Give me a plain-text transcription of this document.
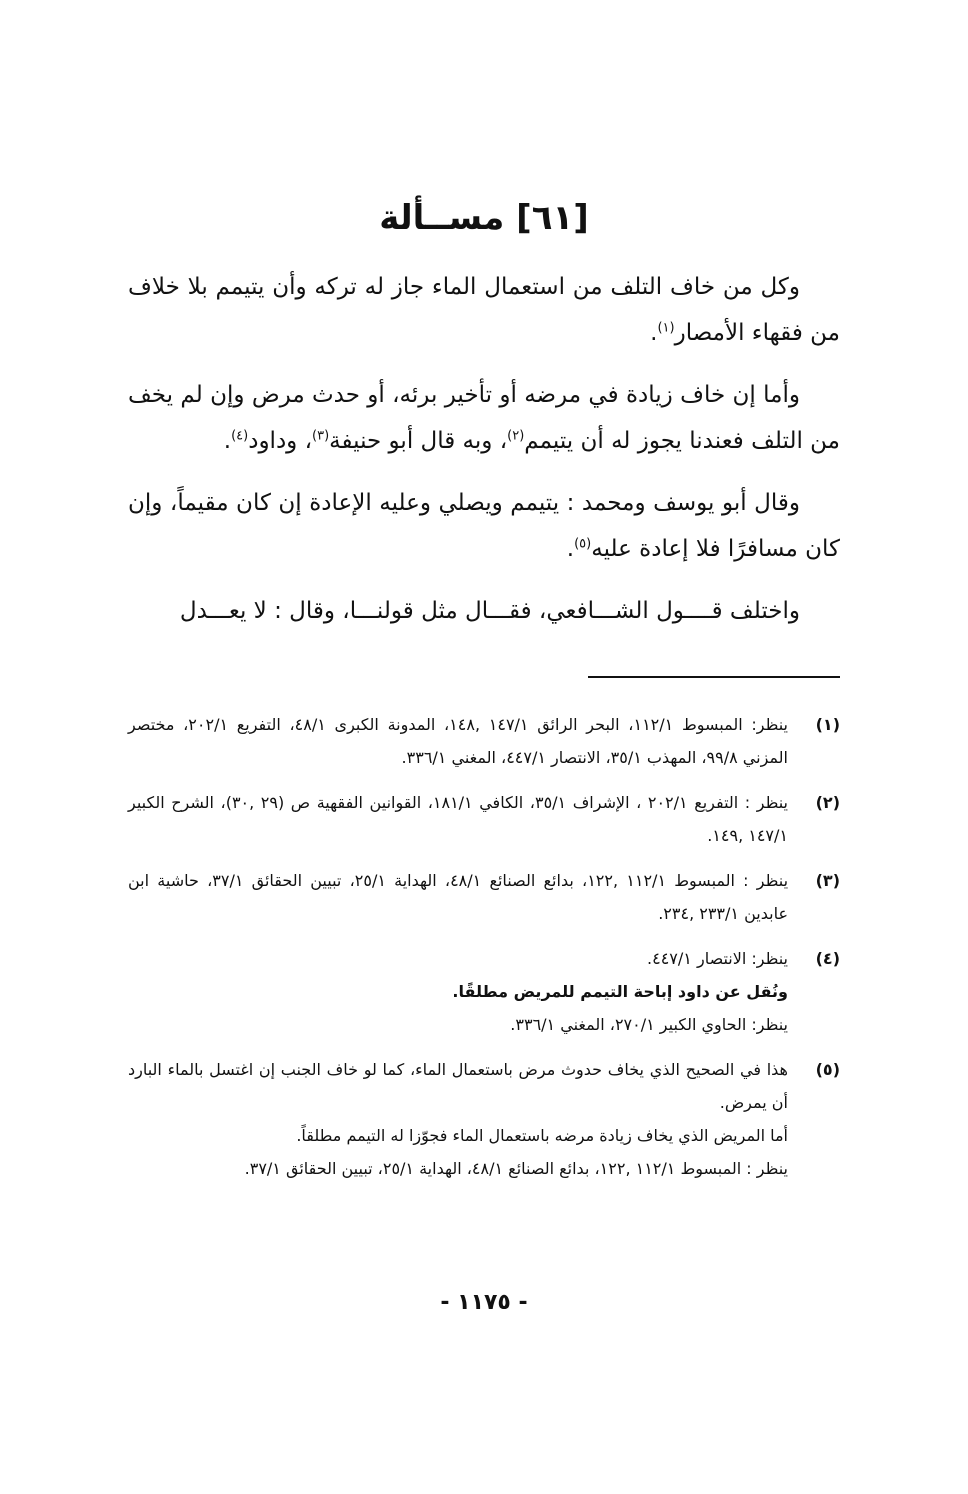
[٦١] مســألة

وكل من خاف التلف من استعمال الماء جاز له تركه وأن يتيمم بلا خلاف من فقهاء الأمصار$^{(١)}$.

وأما إن خاف زيادة في مرضه أو تأخير برئه، أو حدث مرض وإن لم يخف من التلف فعندنا يجوز له أن يتيمم$^{(٢)}$، وبه قال أبو حنيفة$^{(٣)}$، وداود$^{(٤)}$.

وقال أبو يوسف ومحمد : يتيمم ويصلي وعليه الإعادة إن كان مقيماً، وإن كان مسافرًا فلا إعادة عليه$^{(٥)}$.

واختلف قــــول الشـــافعي، فقـــال مثل قولنـــا، وقال : لا يعـــدل

(١)
ينظر: المبسوط ١١٢/١، البحر الرائق ١٤٧/١ ,١٤٨، المدونة الكبرى ٤٨/١، التفريع ٢٠٢/١، مختصر المزني ٩٩/٨، المهذب ٣٥/١، الانتصار ٤٤٧/١، المغني ٣٣٦/١.
(٢)
ينظر : التفريع ٢٠٢/١ ، الإشراف ٣٥/١، الكافي ١٨١/١، القوانين الفقهية ص (٢٩ ,٣٠)، الشرح الكبير ١٤٧/١ ,١٤٩.
(٣)
ينظر : المبسوط ١١٢/١ ,١٢٢، بدائع الصنائع ٤٨/١، الهداية ٢٥/١، تبيين الحقائق ٣٧/١، حاشية ابن عابدين ٢٣٣/١ ,٢٣٤.
(٤)
ينظر: الانتصار ٤٤٧/١.
ونُقل عن داود إباحة التيمم للمريض مطلقًا.
ينظر: الحاوي الكبير ٢٧٠/١، المغني ٣٣٦/١.
(٥)
هذا في الصحيح الذي يخاف حدوث مرض باستعمال الماء، كما لو خاف الجنب إن اغتسل بالماء البارد أن يمرض.
أما المريض الذي يخاف زيادة مرضه باستعمال الماء فجوّزا له التيمم مطلقاً.
ينظر : المبسوط ١١٢/١ ,١٢٢، بدائع الصنائع ٤٨/١، الهداية ٢٥/١، تبيين الحقائق ٣٧/١.
- ١١٧٥ -
